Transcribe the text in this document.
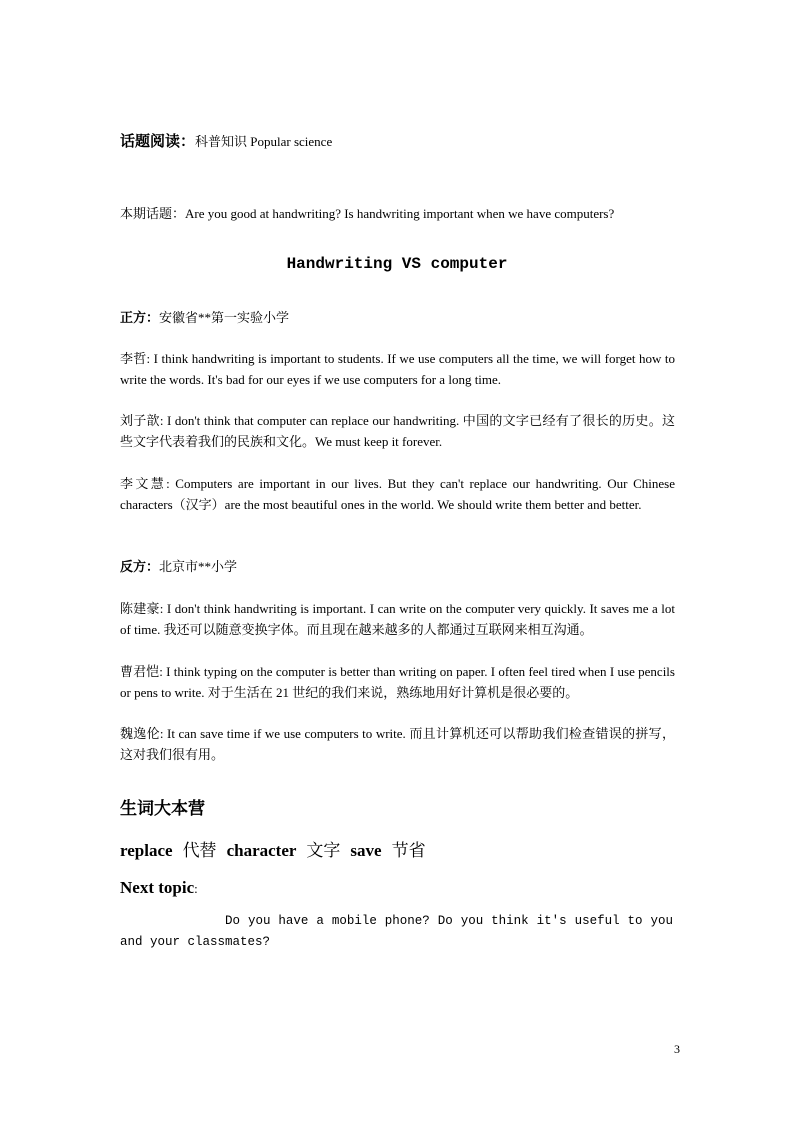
话题阅读：科普知识 Popular science
本期话题：Are you good at handwriting? Is handwriting important when we have computers?
Handwriting VS computer
正方：安徽省**第一实验小学
李哲: I think handwriting is important to students. If we use computers all the time, we will forget how to write the words. It's bad for our eyes if we use computers for a long time.
刘子歆: I don't think that computer can replace our handwriting. 中国的文字已经有了很长的历史。这些文字代表着我们的民族和文化。We must keep it forever.
李文慧: Computers are important in our lives. But they can't replace our handwriting. Our Chinese characters（汉字）are the most beautiful ones in the world. We should write them better and better.
反方：北京市**小学
陈建豪: I don't think handwriting is important. I can write on the computer very quickly. It saves me a lot of time. 我还可以随意变换字体。而且现在越来越多的人都通过互联网来相互沟通。
曹君恺: I think typing on the computer is better than writing on paper. I often feel tired when I use pencils or pens to write. 对于生活在 21 世纪的我们来说，熟练地用好计算机是很必要的。
魏逸伦: It can save time if we use computers to write. 而且计算机还可以帮助我们检查错误的拼写，这对我们很有用。
生词大本营
replace 代替 character 文字 save 节省
Next topic:
Do you have a mobile phone? Do you think it's useful to you and your classmates?
3
